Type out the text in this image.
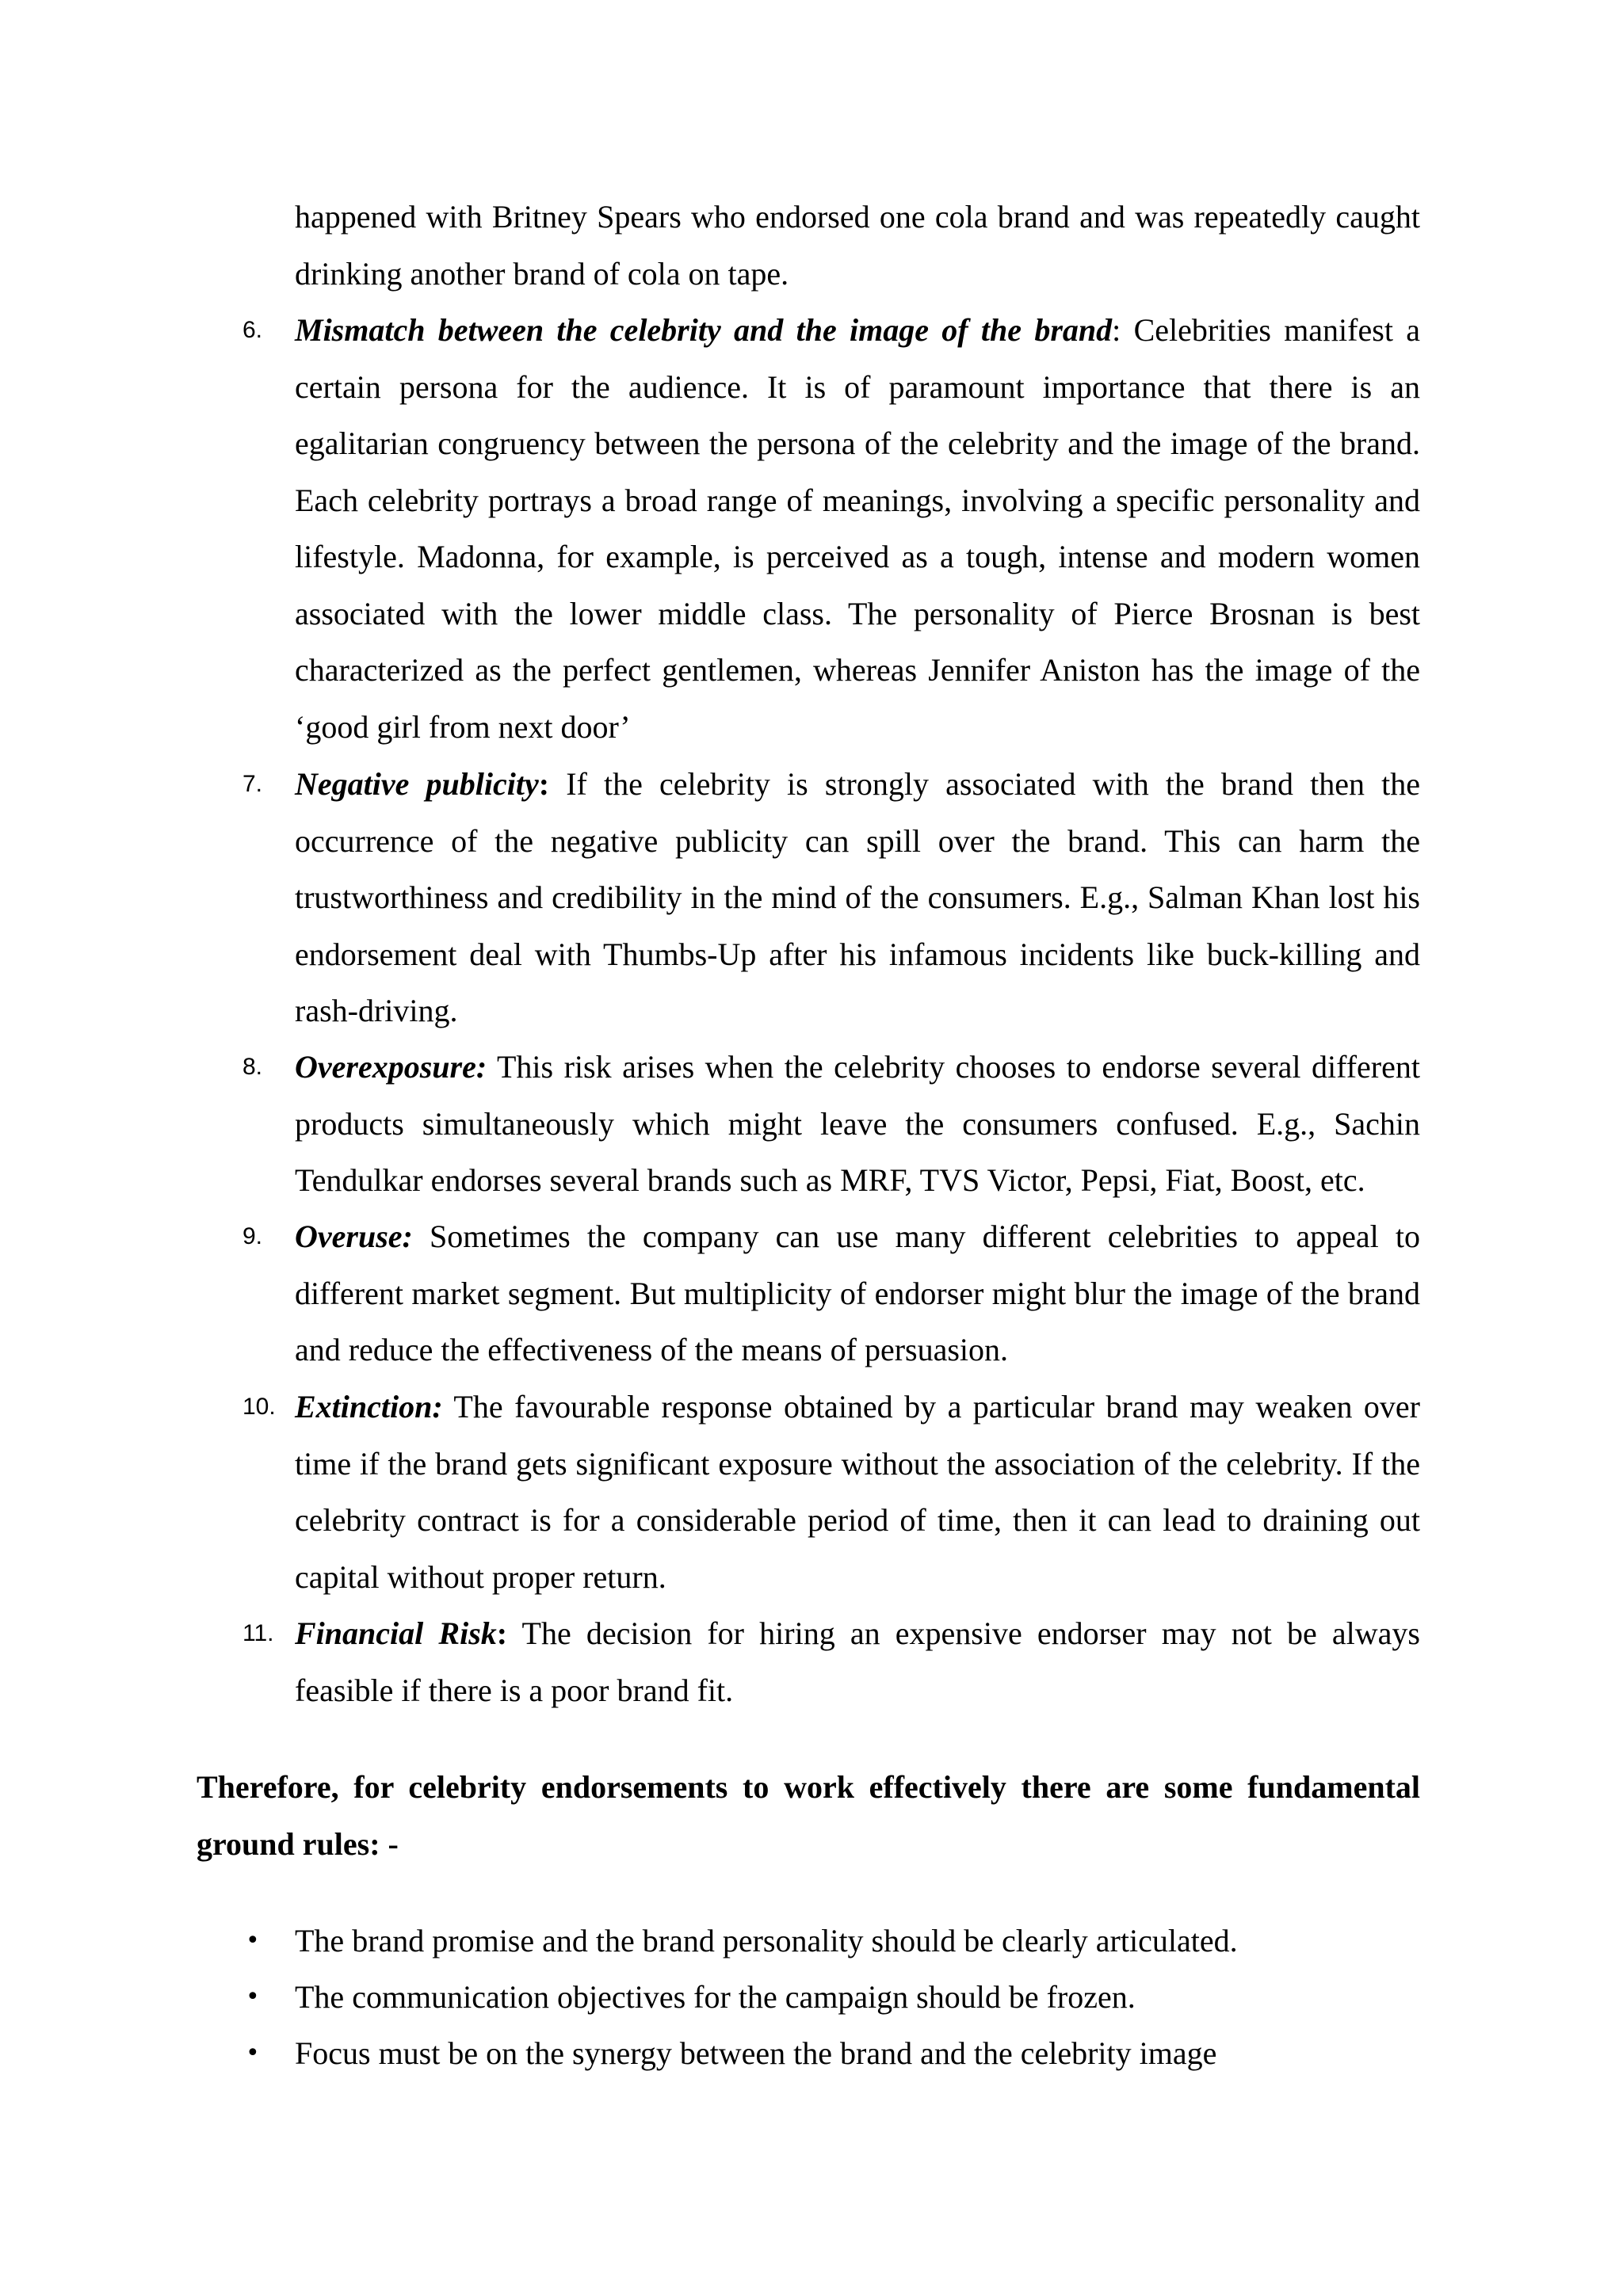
happened with Britney Spears who endorsed one cola brand and was repeatedly caught drinking another brand of cola on tape.

6.	Mismatch between the celebrity and the image of the brand: Celebrities manifest a certain persona for the audience. It is of paramount importance that there is an egalitarian congruency between the persona of the celebrity and the image of the brand. Each celebrity portrays a broad range of meanings, involving a specific personality and lifestyle. Madonna, for example, is perceived as a tough, intense and modern women associated with the lower middle class. The personality of Pierce Brosnan is best characterized as the perfect gentlemen, whereas Jennifer Aniston has the image of the ‘good girl from next door’

7.	Negative publicity: If the celebrity is strongly associated with the brand then the occurrence of the negative publicity can spill over the brand. This can harm the trustworthiness and credibility in the mind of the consumers. E.g., Salman Khan lost his endorsement deal with Thumbs-Up after his infamous incidents like buck-killing and rash-driving.

8.	Overexposure: This risk arises when the celebrity chooses to endorse several different products simultaneously which might leave the consumers confused. E.g., Sachin Tendulkar endorses several brands such as MRF, TVS Victor, Pepsi, Fiat, Boost, etc.

9.	Overuse: Sometimes the company can use many different celebrities to appeal to different market segment. But multiplicity of endorser might blur the image of the brand and reduce the effectiveness of the means of persuasion.

10. Extinction: The favourable response obtained by a particular brand may weaken over time if the brand gets significant exposure without the association of the celebrity. If the celebrity contract is for a considerable period of time, then it can lead to draining out capital without proper return.

11. Financial Risk: The decision for hiring an expensive endorser may not be always feasible if there is a poor brand fit.

Therefore, for celebrity endorsements to work effectively there are some fundamental ground rules: -

• The brand promise and the brand personality should be clearly articulated.

• The communication objectives for the campaign should be frozen.

• Focus must be on the synergy between the brand and the celebrity image
